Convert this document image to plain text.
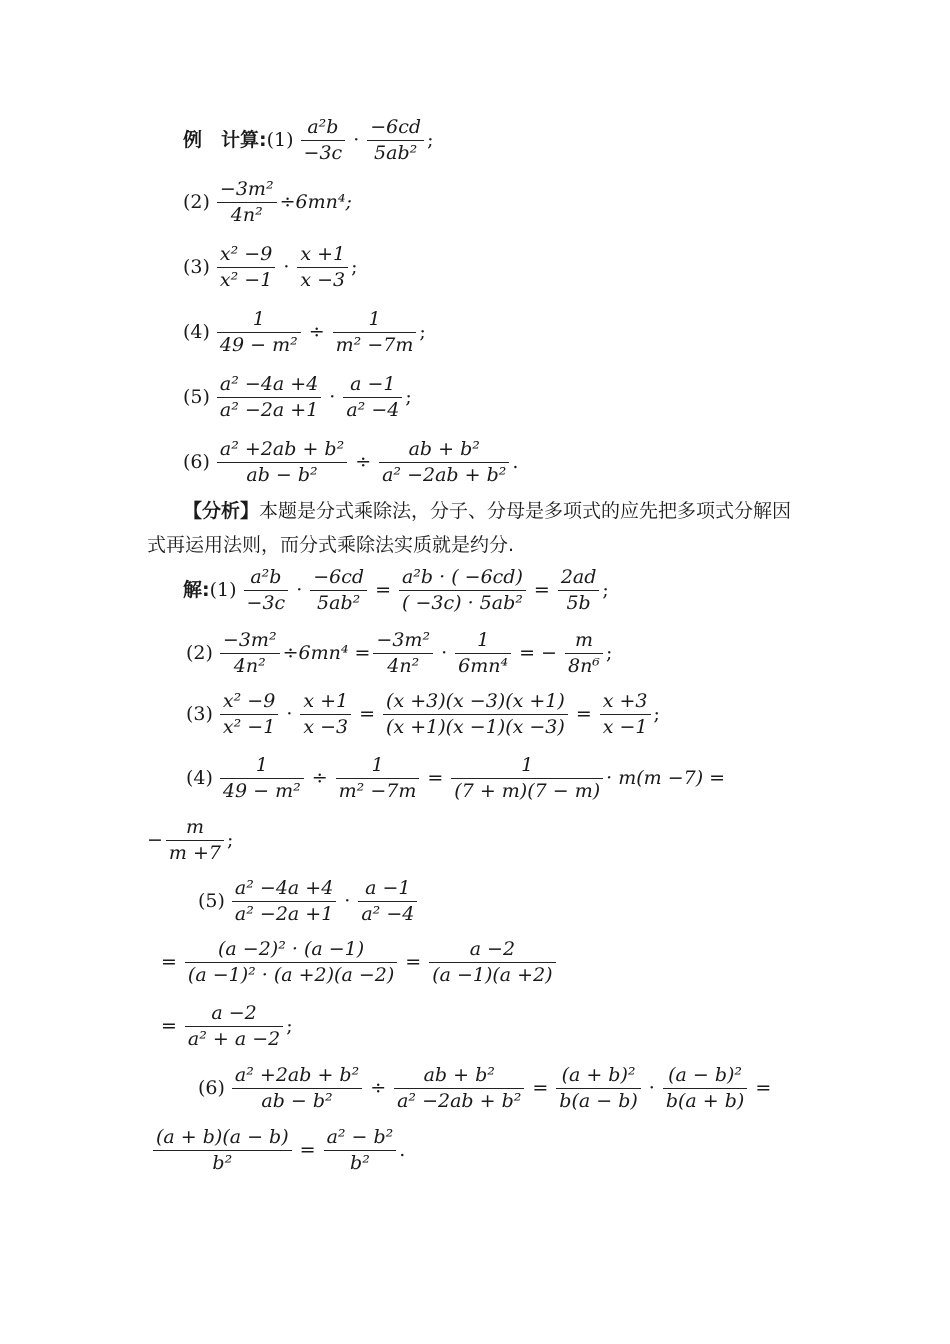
例　计算 : $(1) \frac{\text{a²b}}{-3c} \cdot \frac{-6cd}{\text{5ab²}}$ ;
$(2) \frac{\text{−3m²}}{\text{4n²}} \div 6mn^4$;
$(3) \frac{\text{x² −9}}{\text{x² −1}} \cdot \frac{x +1}{x -3}$ ;
$(4) \frac{1}{\text{49 − m²}} \div \frac{1}{\text{m² −7m}}$ ;
$(5) \frac{\text{a² −4a +4}}{\text{a² −2a +1}} \cdot \frac{a -1}{\text{a² −4}}$ ;
$(6) \frac{\text{a² +2ab + b²}}{\text{ab − b²}} \div \frac{\text{ab + b²}}{\text{a² −2ab + b²}}$ .
【分析】本题是分式乘除法，分子、分母是多项式的应先把多项式分解因
式再运用法则，而分式乘除法实质就是约分.
解 : $(1) \frac{\text{a²b}}{-3c} \cdot \frac{-6cd}{\text{5ab²}} = \frac{\text{a²b · ( −6cd)}}{\text{( −3c) · 5ab²}} = \frac{2ad}{5b}$ ;
$(2) \frac{\text{−3m²}}{\text{4n²}} \div 6mn^4 = \frac{\text{−3m²}}{\text{4n²}} \cdot \frac{1}{\text{6mn⁴}}$ = − $\frac{m}{\text{8n⁶}}$ ;
$(3) \frac{\text{x² −9}}{\text{x² −1}} \cdot \frac{x +1}{x -3} = \frac{(x +3)(x -3)(x +1)}{(x +1)(x -1)(x -3)} = \frac{x +3}{x -1}$ ;
$(4) \frac{1}{\text{49 − m²}} \div \frac{1}{\text{m² −7m}} = \frac{1}{(7 + m)(7 - m)} \cdot m(m -7)$ =
− $\frac{m}{m +7}$ ;
$(5) \frac{\text{a² −4a +4}}{\text{a² −2a +1}} \cdot \frac{a -1}{\text{a² −4}}$
= $\frac{\text{(a −2)² · (a −1)}}{\text{(a −1)² · (a +2)(a −2)}} = \frac{a -2}{(a -1)(a +2)}$
= $\frac{a -2}{\text{a² + a −2}}$ ;
$(6) \frac{\text{a² +2ab + b²}}{\text{ab − b²}} \div \frac{\text{ab + b²}}{\text{a² −2ab + b²}} = \frac{\text{(a + b)²}}{b(a - b)} \cdot \frac{\text{(a − b)²}}{b(a + b)}$ =
$\frac{(a + b)(a - b)}{\text{b²}} = \frac{\text{a² − b²}}{\text{b²}}$ .
